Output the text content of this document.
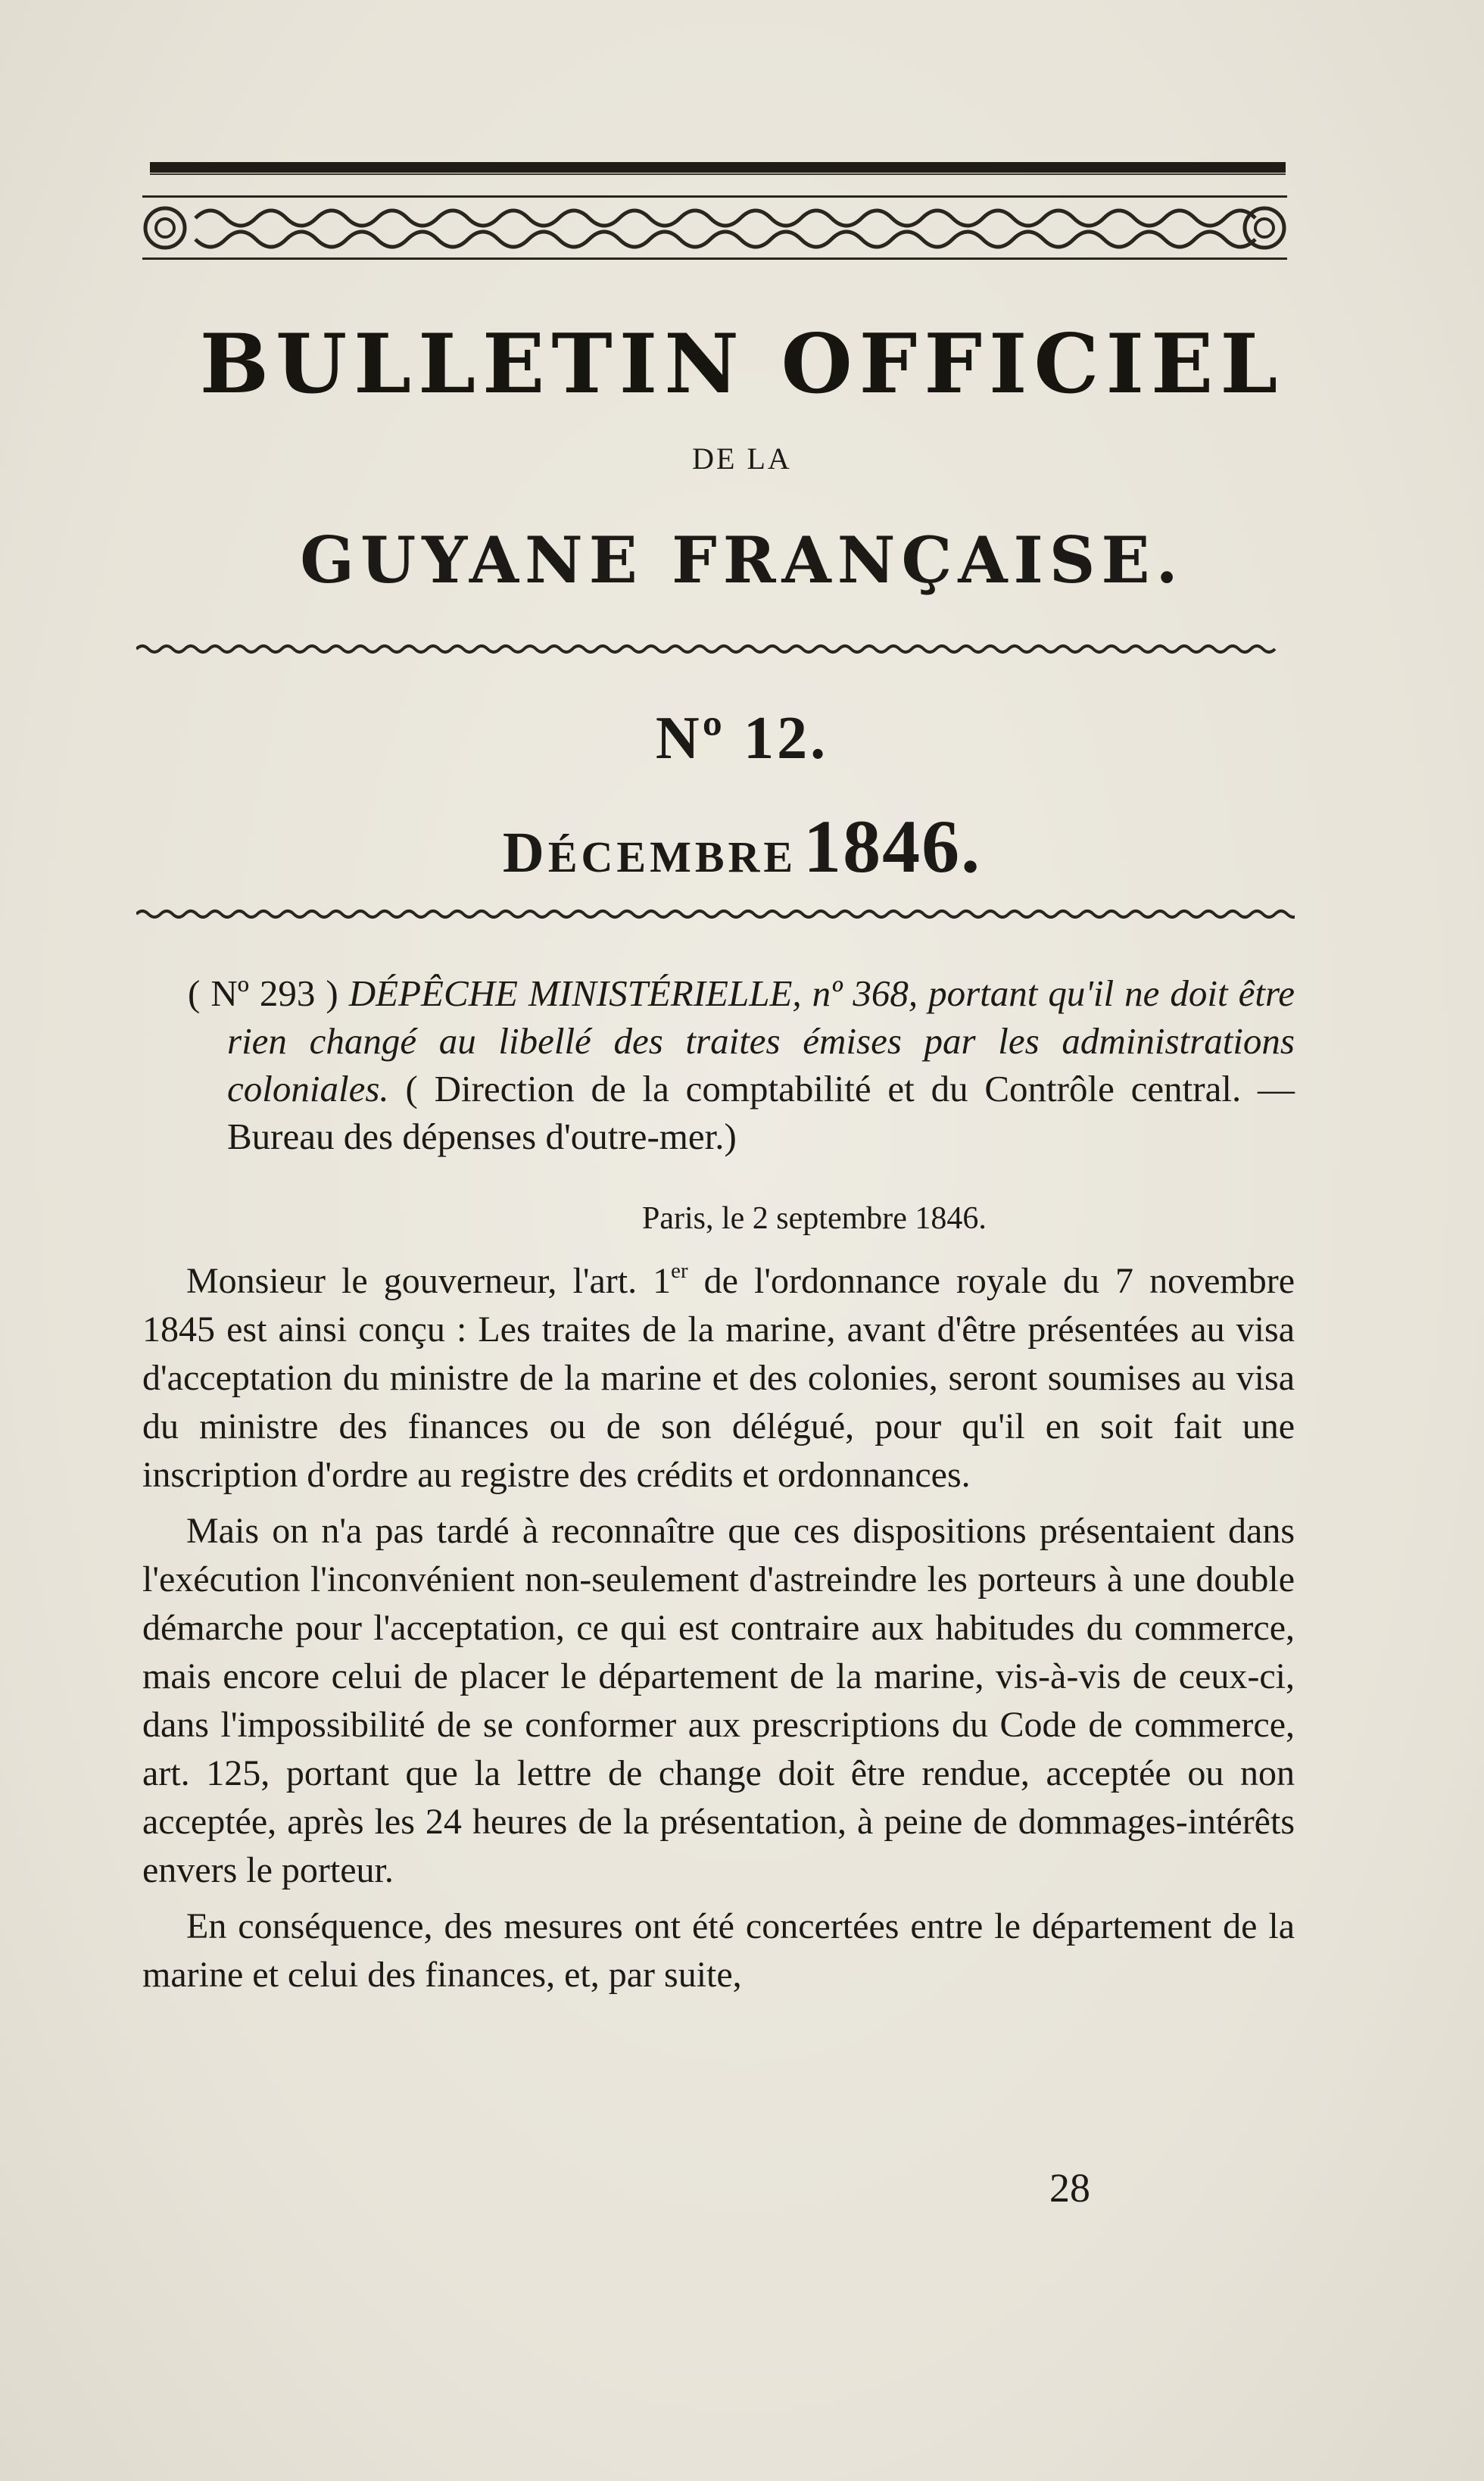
BULLETIN OFFICIEL
DE LA
GUYANE FRANÇAISE.
Nº 12.
DÉCEMBRE 1846.
( Nº 293 ) DÉPÊCHE MINISTÉRIELLE, nº 368, portant qu'il ne doit être rien changé au libellé des traites émises par les administrations coloniales. ( Direction de la comptabilité et du Contrôle central. — Bureau des dépenses d'outre-mer.)
Paris, le 2 septembre 1846.

Monsieur le gouverneur, l'art. 1er de l'ordonnance royale du 7 novembre 1845 est ainsi conçu : Les traites de la marine, avant d'être présentées au visa d'acceptation du ministre de la marine et des colonies, seront soumises au visa du ministre des finances ou de son délégué, pour qu'il en soit fait une inscription d'ordre au registre des crédits et ordonnances.

Mais on n'a pas tardé à reconnaître que ces dispositions présentaient dans l'exécution l'inconvénient non-seulement d'astreindre les porteurs à une double démarche pour l'acceptation, ce qui est contraire aux habitudes du commerce, mais encore celui de placer le département de la marine, vis-à-vis de ceux-ci, dans l'impossibilité de se conformer aux prescriptions du Code de commerce, art. 125, portant que la lettre de change doit être rendue, acceptée ou non acceptée, après les 24 heures de la présentation, à peine de dommages-intérêts envers le porteur.

En conséquence, des mesures ont été concertées entre le département de la marine et celui des finances, et, par suite,

28
